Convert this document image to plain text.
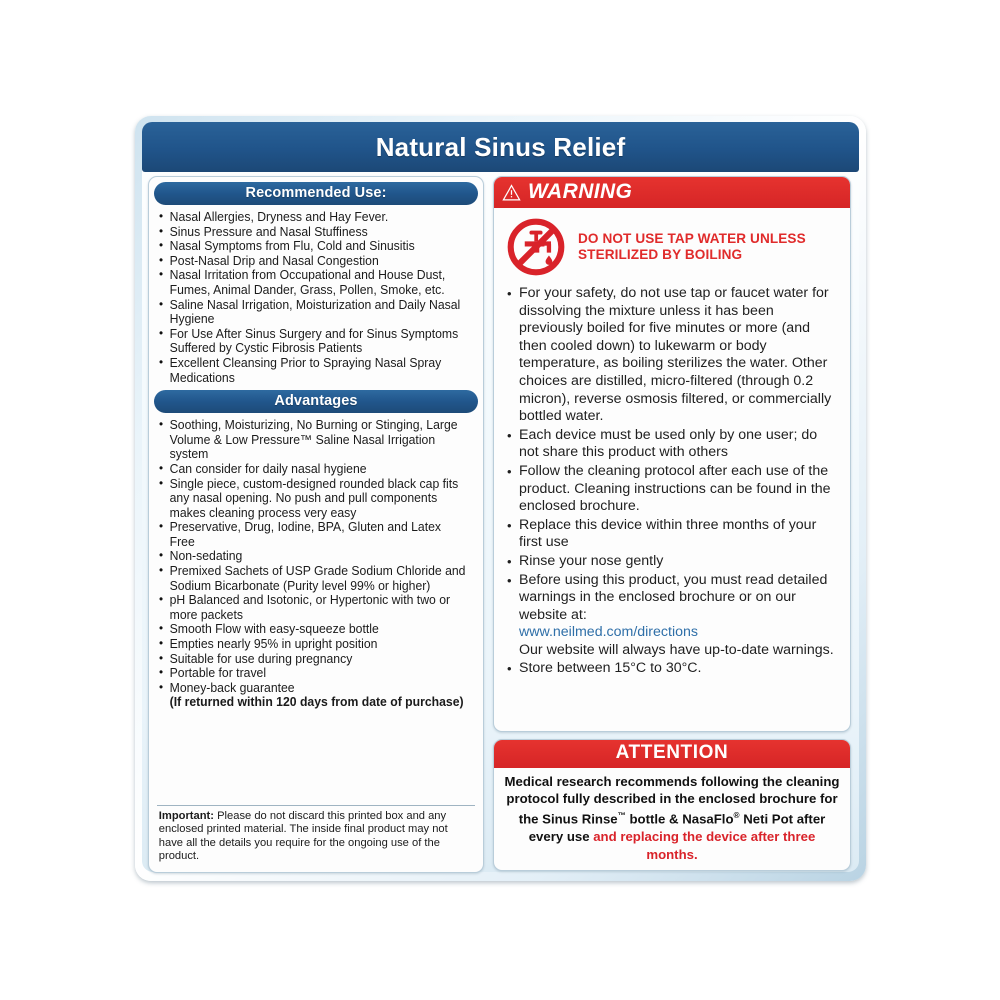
Natural Sinus Relief
Recommended Use:
• Nasal Allergies, Dryness and Hay Fever.
• Sinus Pressure and Nasal Stuffiness
• Nasal Symptoms from Flu, Cold and Sinusitis
• Post-Nasal Drip and Nasal Congestion
• Nasal Irritation from Occupational and House Dust, Fumes, Animal Dander, Grass, Pollen, Smoke, etc.
• Saline Nasal Irrigation, Moisturization and Daily Nasal Hygiene
• For Use After Sinus Surgery and for Sinus Symptoms Suffered by Cystic Fibrosis Patients
• Excellent Cleansing Prior to Spraying Nasal Spray Medications
Advantages
• Soothing, Moisturizing, No Burning or Stinging, Large Volume & Low Pressure™ Saline Nasal Irrigation system
• Can consider for daily nasal hygiene
• Single piece, custom-designed rounded black cap fits any nasal opening. No push and pull components makes cleaning process very easy
• Preservative, Drug, Iodine, BPA, Gluten and Latex Free
• Non-sedating
• Premixed Sachets of USP Grade Sodium Chloride and Sodium Bicarbonate (Purity level 99% or higher)
• pH Balanced and Isotonic, or Hypertonic with two or more packets
• Smooth Flow with easy-squeeze bottle
• Empties nearly 95% in upright position
• Suitable for use during pregnancy
• Portable for travel
• Money-back guarantee
(If returned within 120 days from date of purchase)
Important: Please do not discard this printed box and any enclosed printed material. The inside final product may not have all the details you require for the ongoing use of the product.
WARNING
DO NOT USE TAP WATER UNLESS STERILIZED BY BOILING
• For your safety, do not use tap or faucet water for dissolving the mixture unless it has been previously boiled for five minutes or more (and then cooled down) to lukewarm or body temperature, as boiling sterilizes the water. Other choices are distilled, micro-filtered (through 0.2 micron), reverse osmosis filtered, or commercially bottled water.
• Each device must be used only by one user; do not share this product with others
• Follow the cleaning protocol after each use of the product. Cleaning instructions can be found in the enclosed brochure.
• Replace this device within three months of your first use
• Rinse your nose gently
• Before using this product, you must read detailed warnings in the enclosed brochure or on our website at:
www.neilmed.com/directions
Our website will always have up-to-date warnings.
• Store between 15°C to 30°C.
ATTENTION
Medical research recommends following the cleaning protocol fully described in the enclosed brochure for the Sinus Rinse™ bottle & NasaFlo® Neti Pot after every use and replacing the device after three months.
